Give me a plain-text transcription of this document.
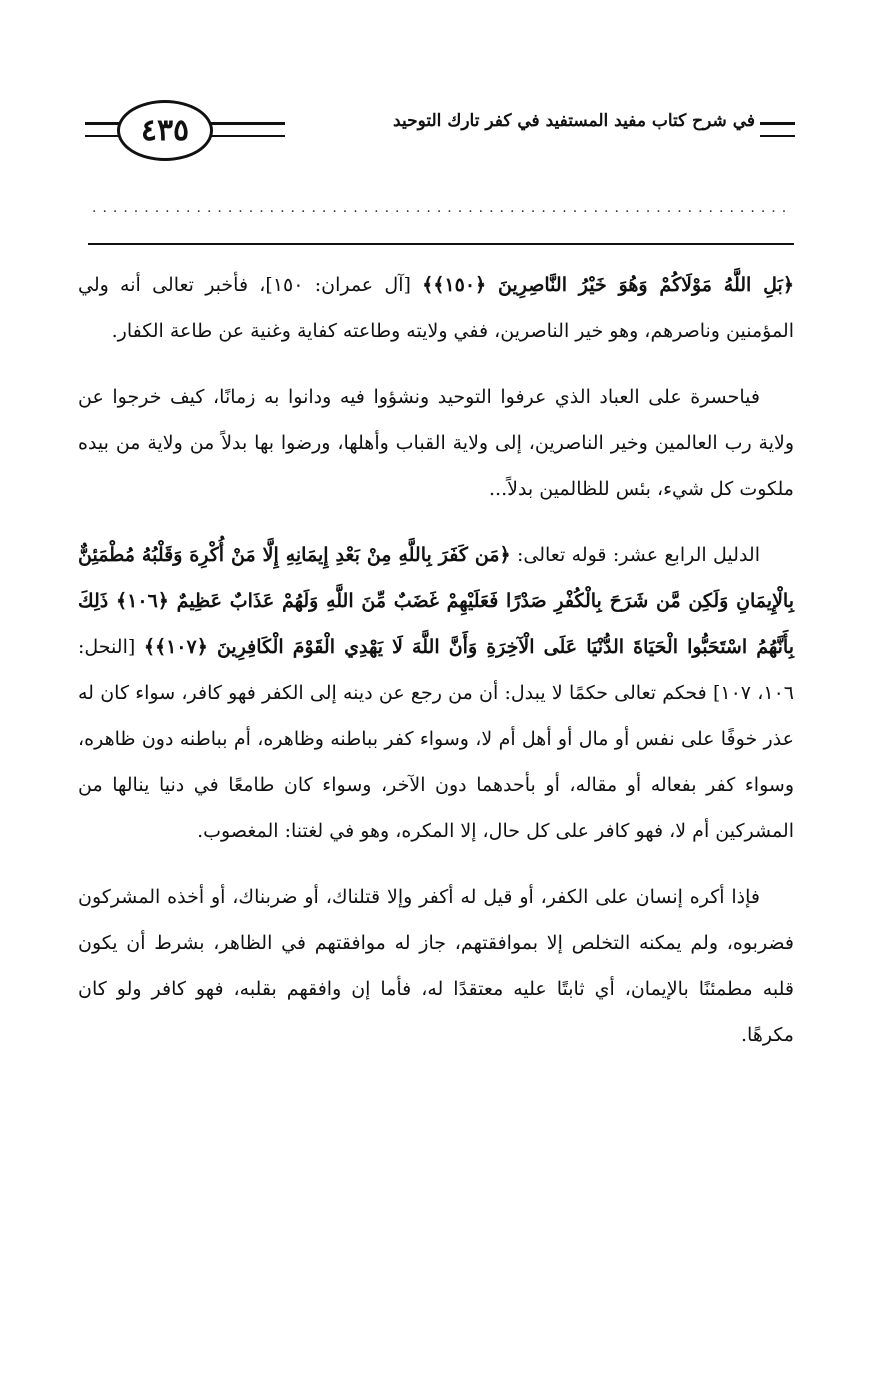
٤٣٥	في شرح كتاب مفيد المستفيد في كفر تارك التوحيد
...................................................................

﴿بَلِ اللَّهُ مَوْلَاكُمْ وَهُوَ خَيْرُ النَّاصِرِينَ ﴿١٥٠﴾﴾ [آل عمران: ١٥٠]، فأخبر تعالى أنه ولي المؤمنين وناصرهم، وهو خير الناصرين، ففي ولايته وطاعته كفاية وغنية عن طاعة الكفار.

فياحسرة على العباد الذي عرفوا التوحيد ونشؤوا فيه ودانوا به زمانًا، كيف خرجوا عن ولاية رب العالمين وخير الناصرين، إلى ولاية القباب وأهلها، ورضوا بها بدلاً من ولاية من بيده ملكوت كل شيء، بئس للظالمين بدلاً...

الدليل الرابع عشر: قوله تعالى: ﴿مَن كَفَرَ بِاللَّهِ مِنْ بَعْدِ إِيمَانِهِ إِلَّا مَنْ أُكْرِهَ وَقَلْبُهُ مُطْمَئِنٌّ بِالْإِيمَانِ وَلَكِن مَّن شَرَحَ بِالْكُفْرِ صَدْرًا فَعَلَيْهِمْ غَضَبٌ مِّنَ اللَّهِ وَلَهُمْ عَذَابٌ عَظِيمٌ ﴿١٠٦﴾ ذَلِكَ بِأَنَّهُمُ اسْتَحَبُّوا الْحَيَاةَ الدُّنْيَا عَلَى الْآخِرَةِ وَأَنَّ اللَّهَ لَا يَهْدِي الْقَوْمَ الْكَافِرِينَ ﴿١٠٧﴾﴾ [النحل: ١٠٦، ١٠٧] فحكم تعالى حكمًا لا يبدل: أن من رجع عن دينه إلى الكفر فهو كافر، سواء كان له عذر خوفًا على نفس أو مال أو أهل أم لا، وسواء كفر بباطنه وظاهره، أم بباطنه دون ظاهره، وسواء كفر بفعاله أو مقاله، أو بأحدهما دون الآخر، وسواء كان طامعًا في دنيا ينالها من المشركين أم لا، فهو كافر على كل حال، إلا المكره، وهو في لغتنا: المغصوب.

فإذا أكره إنسان على الكفر، أو قيل له أكفر وإلا قتلناك، أو ضربناك، أو أخذه المشركون فضربوه، ولم يمكنه التخلص إلا بموافقتهم، جاز له موافقتهم في الظاهر، بشرط أن يكون قلبه مطمئنًا بالإيمان، أي ثابتًا عليه معتقدًا له، فأما إن وافقهم بقلبه، فهو كافر ولو كان مكرهًا.
